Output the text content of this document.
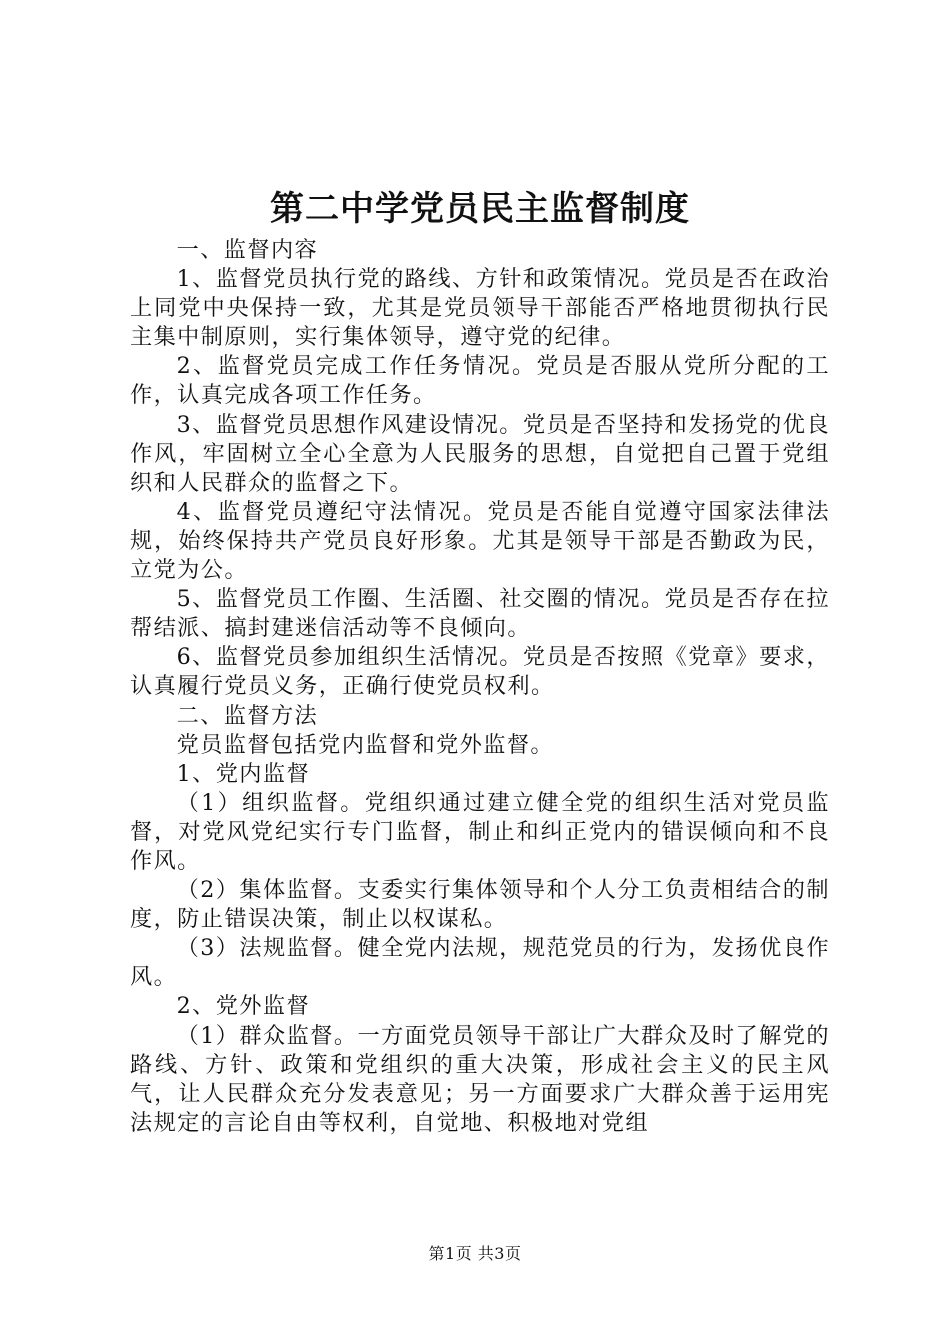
第二中学党员民主监督制度

一、监督内容

1、监督党员执行党的路线、方针和政策情况。党员是否在政治上同党中央保持一致，尤其是党员领导干部能否严格地贯彻执行民主集中制原则，实行集体领导，遵守党的纪律。

2、监督党员完成工作任务情况。党员是否服从党所分配的工作，认真完成各项工作任务。

3、监督党员思想作风建设情况。党员是否坚持和发扬党的优良作风，牢固树立全心全意为人民服务的思想，自觉把自己置于党组织和人民群众的监督之下。

4、监督党员遵纪守法情况。党员是否能自觉遵守国家法律法规，始终保持共产党员良好形象。尤其是领导干部是否勤政为民，立党为公。

5、监督党员工作圈、生活圈、社交圈的情况。党员是否存在拉帮结派、搞封建迷信活动等不良倾向。

6、监督党员参加组织生活情况。党员是否按照《党章》要求，认真履行党员义务，正确行使党员权利。

二、监督方法

党员监督包括党内监督和党外监督。

1、党内监督

（1）组织监督。党组织通过建立健全党的组织生活对党员监督，对党风党纪实行专门监督，制止和纠正党内的错误倾向和不良作风。

（2）集体监督。支委实行集体领导和个人分工负责相结合的制度，防止错误决策，制止以权谋私。

（3）法规监督。健全党内法规，规范党员的行为，发扬优良作风。

2、党外监督

（1）群众监督。一方面党员领导干部让广大群众及时了解党的路线、方针、政策和党组织的重大决策，形成社会主义的民主风气，让人民群众充分发表意见；另一方面要求广大群众善于运用宪法规定的言论自由等权利，自觉地、积极地对党组

第1页 共3页
